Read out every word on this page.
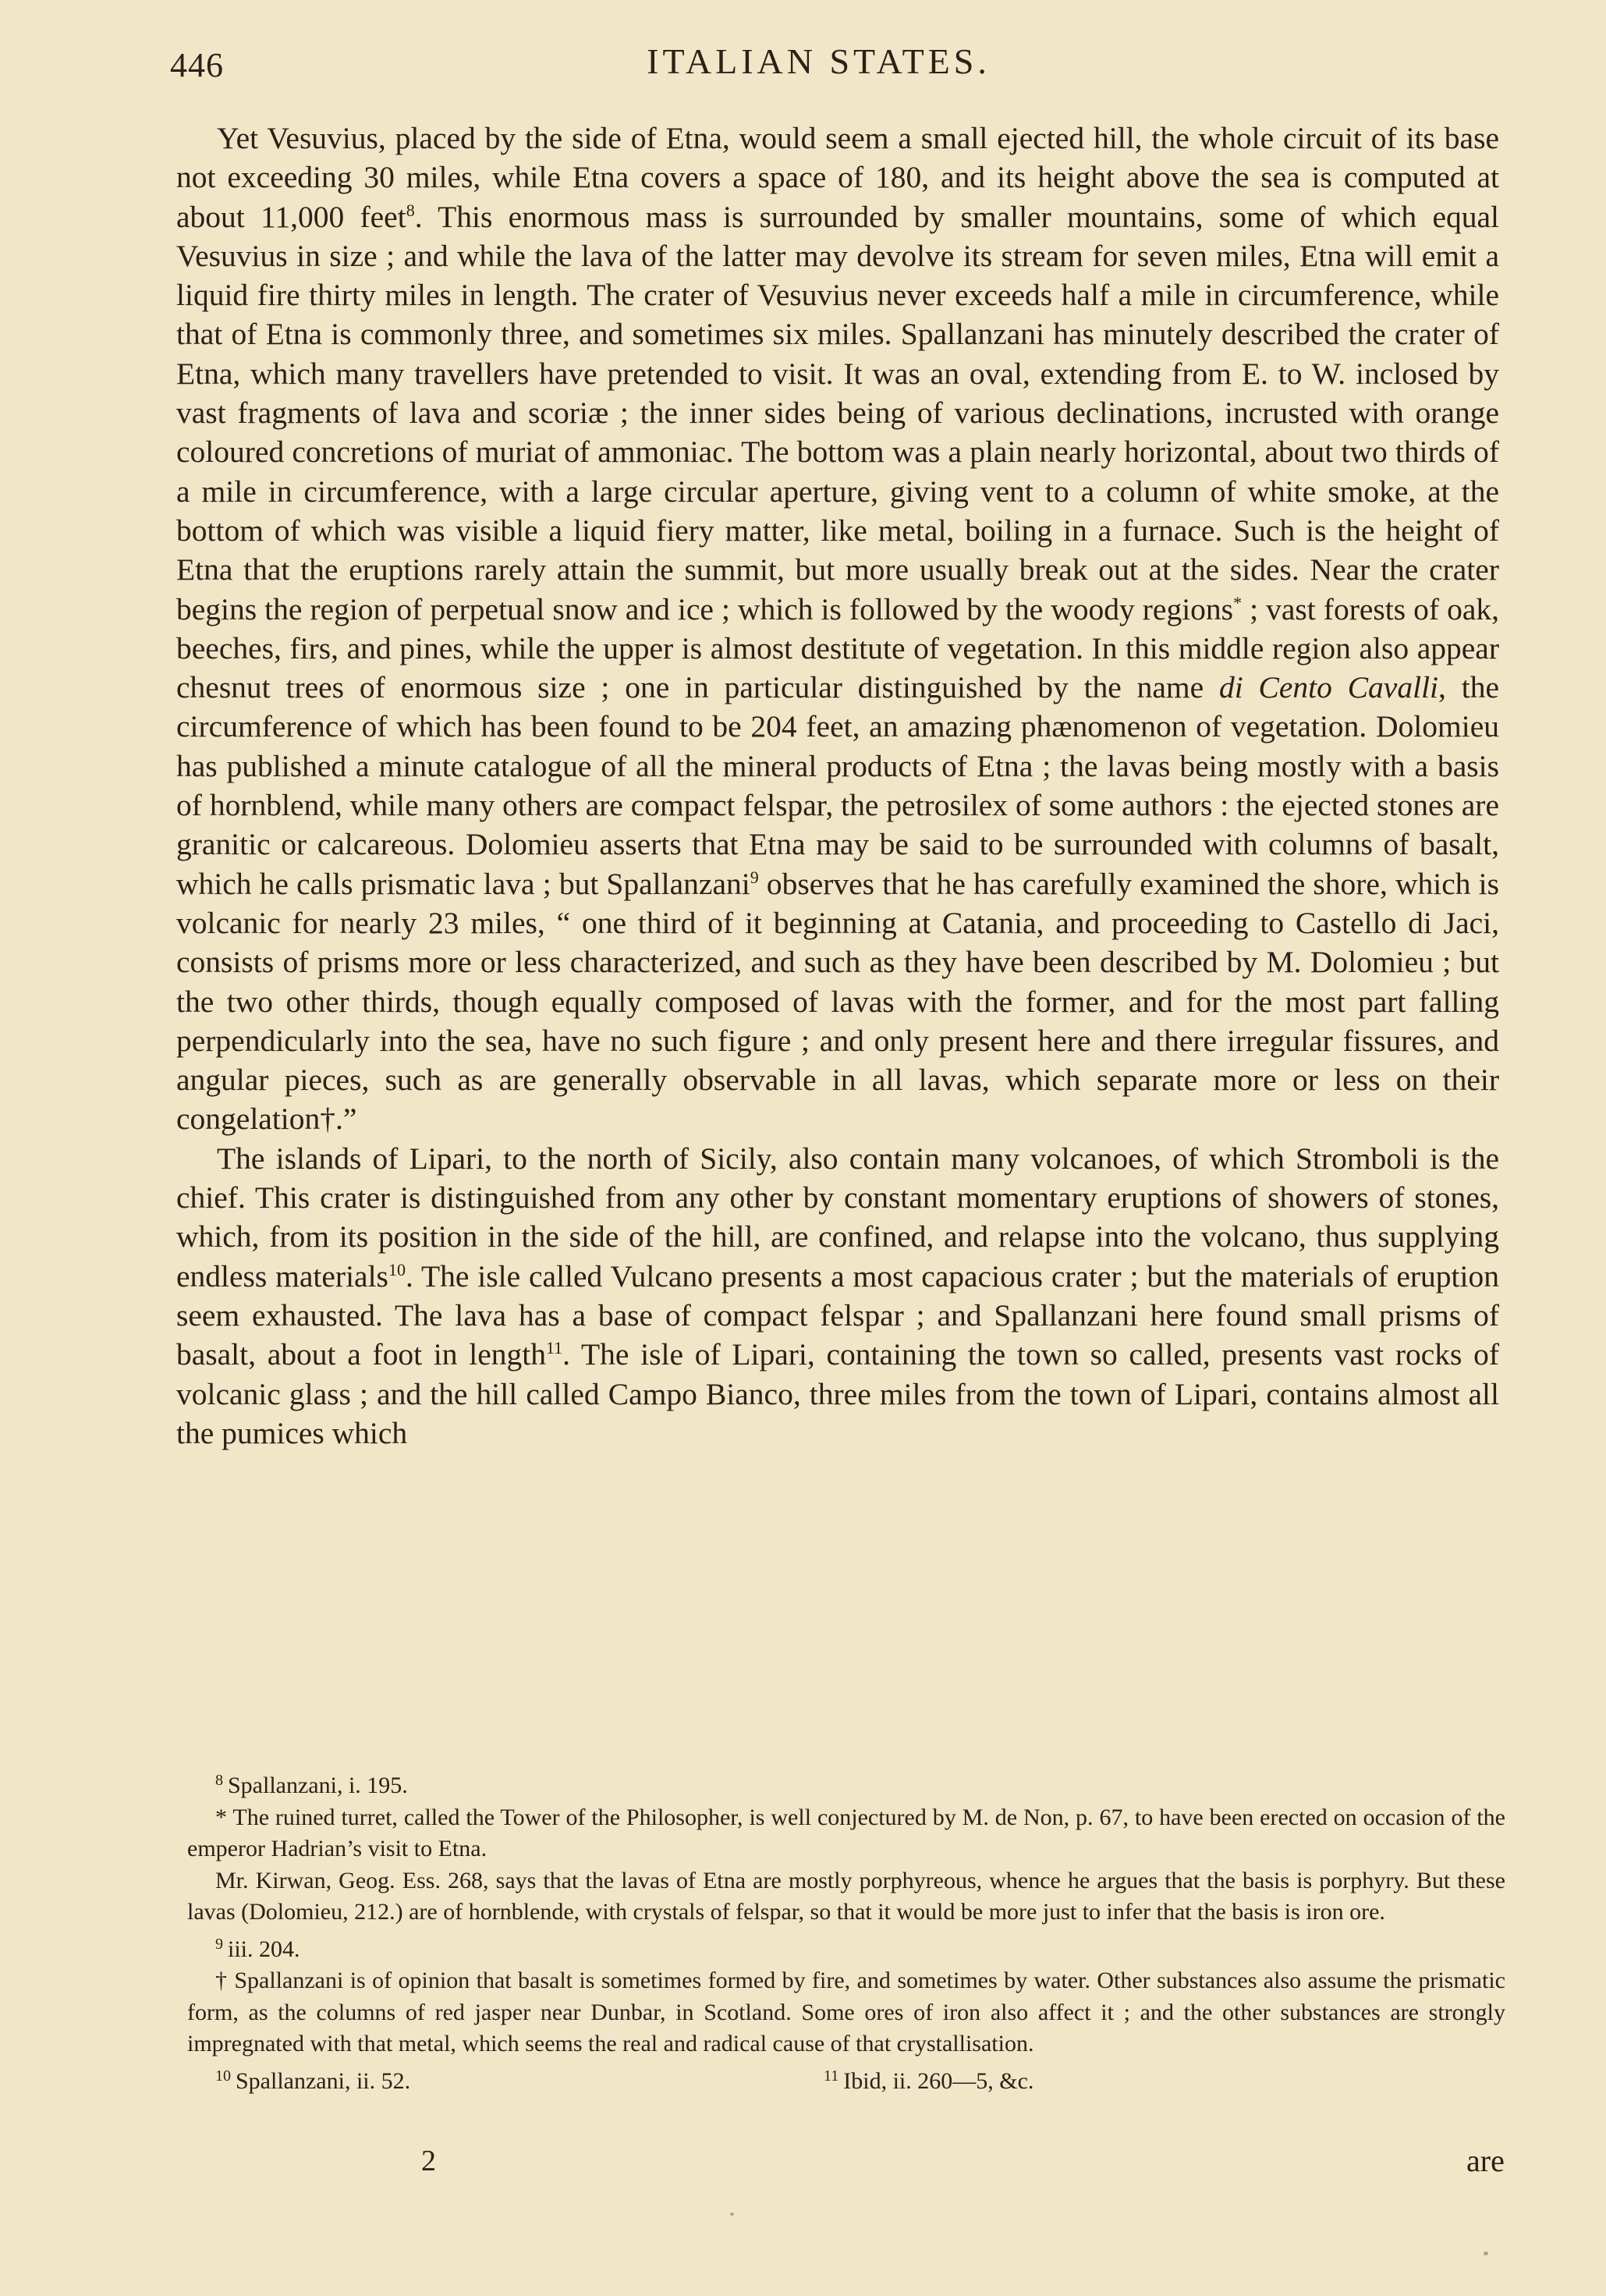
446	ITALIAN STATES.

Yet Vesuvius, placed by the side of Etna, would seem a small ejected hill, the whole circuit of its base not exceeding 30 miles, while Etna covers a space of 180, and its height above the sea is computed at about 11,000 feet$^8$. This enormous mass is surrounded by smaller mountains, some of which equal Vesuvius in size ; and while the lava of the latter may devolve its stream for seven miles, Etna will emit a liquid fire thirty miles in length. The crater of Vesuvius never exceeds half a mile in circumference, while that of Etna is commonly three, and sometimes six miles. Spallanzani has minutely described the crater of Etna, which many travellers have pretended to visit. It was an oval, extending from E. to W. inclosed by vast fragments of lava and scoriæ ; the inner sides being of various declinations, incrusted with orange coloured concretions of muriat of ammoniac. The bottom was a plain nearly horizontal, about two thirds of a mile in circumference, with a large circular aperture, giving vent to a column of white smoke, at the bottom of which was visible a liquid fiery matter, like metal, boiling in a furnace. Such is the height of Etna that the eruptions rarely attain the summit, but more usually break out at the sides. Near the crater begins the region of perpetual snow and ice ; which is followed by the woody regions* ; vast forests of oak, beeches, firs, and pines, while the upper is almost destitute of vegetation. In this middle region also appear chesnut trees of enormous size ; one in particular distinguished by the name di Cento Cavalli, the circumference of which has been found to be 204 feet, an amazing phænomenon of vegetation. Dolomieu has published a minute catalogue of all the mineral products of Etna ; the lavas being mostly with a basis of hornblend, while many others are compact felspar, the petrosilex of some authors : the ejected stones are granitic or calcareous. Dolomieu asserts that Etna may be said to be surrounded with columns of basalt, which he calls prismatic lava ; but Spallanzani$^9$ observes that he has carefully examined the shore, which is volcanic for nearly 23 miles, “ one third of it beginning at Catania, and proceeding to Castello di Jaci, consists of prisms more or less characterized, and such as they have been described by M. Dolomieu ; but the two other thirds, though equally composed of lavas with the former, and for the most part falling perpendicularly into the sea, have no such figure ; and only present here and there irregular fissures, and angular pieces, such as are generally observable in all lavas, which separate more or less on their congelation†.”

The islands of Lipari, to the north of Sicily, also contain many volcanoes, of which Stromboli is the chief. This crater is distinguished from any other by constant momentary eruptions of showers of stones, which, from its position in the side of the hill, are confined, and relapse into the volcano, thus supplying endless materials$^{10}$. The isle called Vulcano presents a most capacious crater ; but the materials of eruption seem exhausted. The lava has a base of compact felspar ; and Spallanzani here found small prisms of basalt, about a foot in length$^{11}$. The isle of Lipari, containing the town so called, presents vast rocks of volcanic glass ; and the hill called Campo Bianco, three miles from the town of Lipari, contains almost all the pumices which

$^8$ Spallanzani, i. 195.

* The ruined turret, called the Tower of the Philosopher, is well conjectured by M. de Non, p. 67, to have been erected on occasion of the emperor Hadrian’s visit to Etna.

Mr. Kirwan, Geog. Ess. 268, says that the lavas of Etna are mostly porphyreous, whence he argues that the basis is porphyry. But these lavas (Dolomieu, 212.) are of hornblende, with crystals of felspar, so that it would be more just to infer that the basis is iron ore.

$^9$ iii. 204.

† Spallanzani is of opinion that basalt is sometimes formed by fire, and sometimes by water. Other substances also assume the prismatic form, as the columns of red jasper near Dunbar, in Scotland. Some ores of iron also affect it ; and the other substances are strongly impregnated with that metal, which seems the real and radical cause of that crystallisation.

$^{10}$ Spallanzani, ii. 52.	$^{11}$ Ibid, ii. 260—5, &c.
2	are
